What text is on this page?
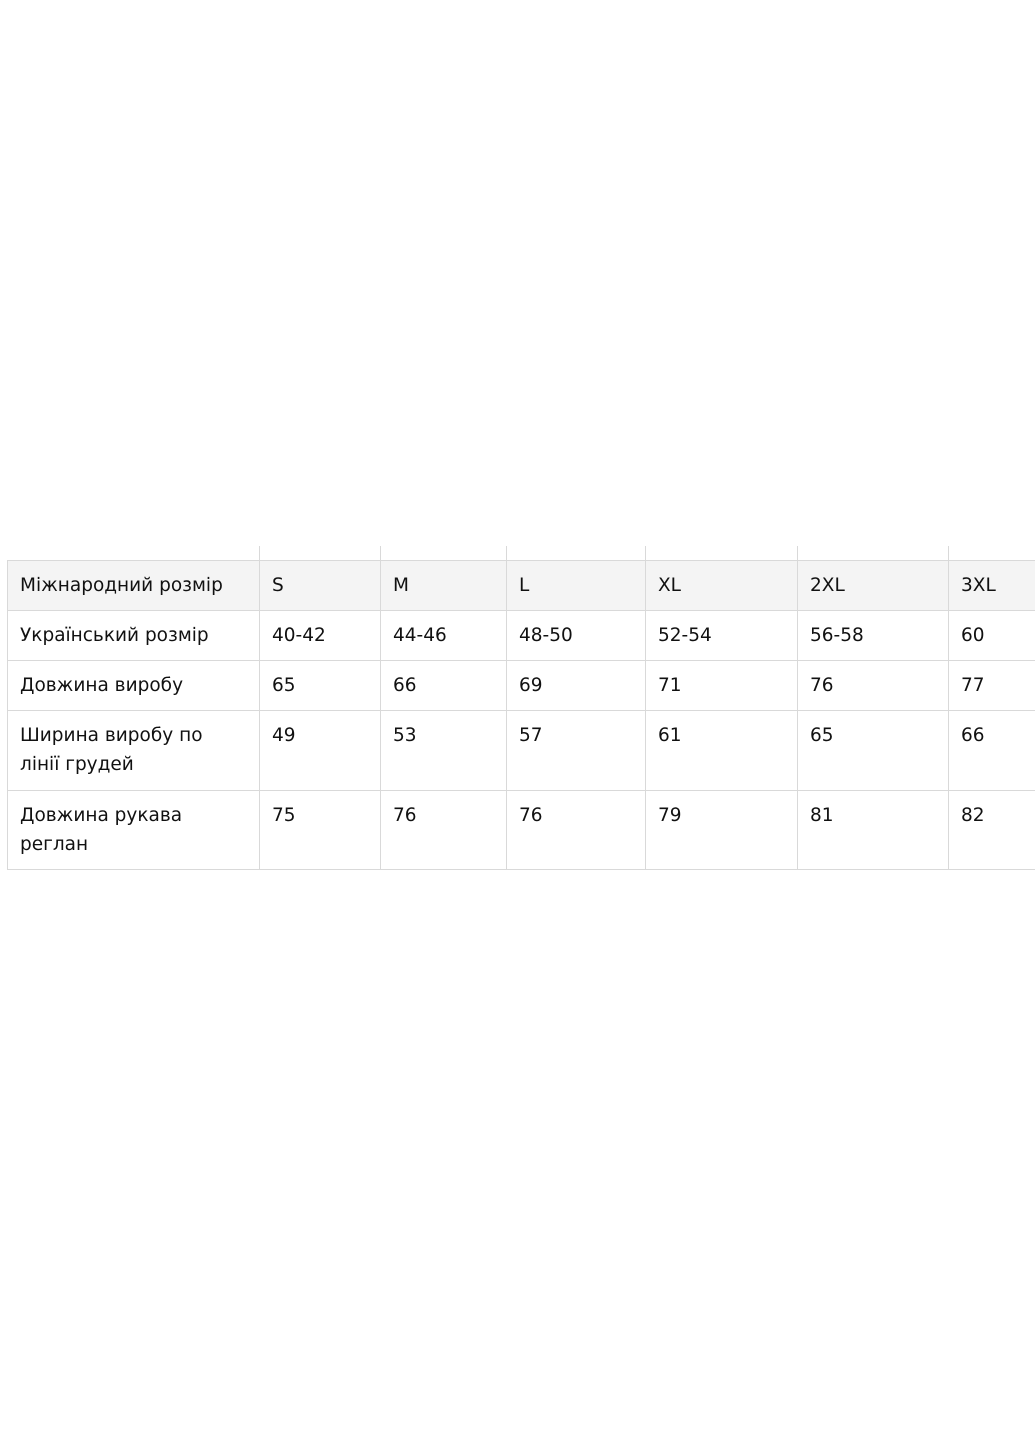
Міжнародний розмір	S	M	L	XL	2XL	3XL
Український розмір	40-42	44-46	48-50	52-54	56-58	60
Довжина виробу	65	66	69	71	76	77
Ширина виробу по лінії грудей	49	53	57	61	65	66
Довжина рукава реглан	75	76	76	79	81	82
